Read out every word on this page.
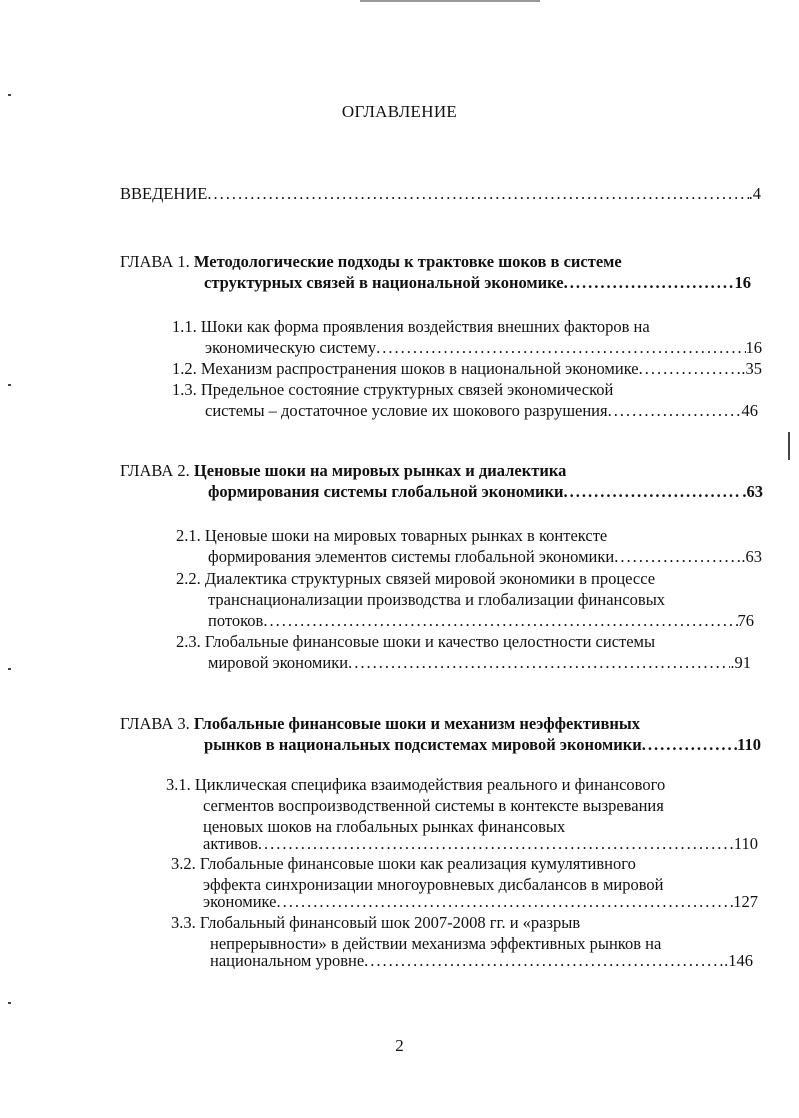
ОГЛАВЛЕНИЕ
ВВЕДЕНИЕ .....	.4
ГЛАВА 1. Методологические подходы к трактовке шоков в системе
структурных связей в национальной экономике .....	16
1.1. Шоки как форма проявления воздействия внешних факторов на
экономическую систему .....	16
1.2. Механизм распространения шоков в национальной экономике .....	.35
1.3. Предельное состояние структурных связей экономической
системы – достаточное условие их шокового разрушения .....	46
ГЛАВА 2. Ценовые шоки на мировых рынках и диалектика
формирования системы глобальной экономики .....	.63
2.1. Ценовые шоки на мировых товарных рынках в контексте
формирования элементов системы глобальной экономики .....	.63
2.2. Диалектика структурных связей мировой экономики в процессе
транснационализации производства и глобализации финансовых
потоков .....	76
2.3. Глобальные финансовые шоки и качество целостности системы
мировой экономики .....	.91
ГЛАВА 3. Глобальные финансовые шоки и механизм неэффективных
рынков в национальных подсистемах мировой экономики .....	110
3.1. Циклическая специфика взаимодействия реального и финансового
сегментов воспроизводственной системы в контексте вызревания
ценовых шоков на глобальных рынках финансовых
активов .....	110
3.2. Глобальные финансовые шоки как реализация кумулятивного
эффекта синхронизации многоуровневых дисбалансов в мировой
экономике .....	127
3.3. Глобальный финансовый шок 2007-2008 гг. и «разрыв
непрерывности» в действии механизма эффективных рынков на
национальном уровне .....	.146
2
